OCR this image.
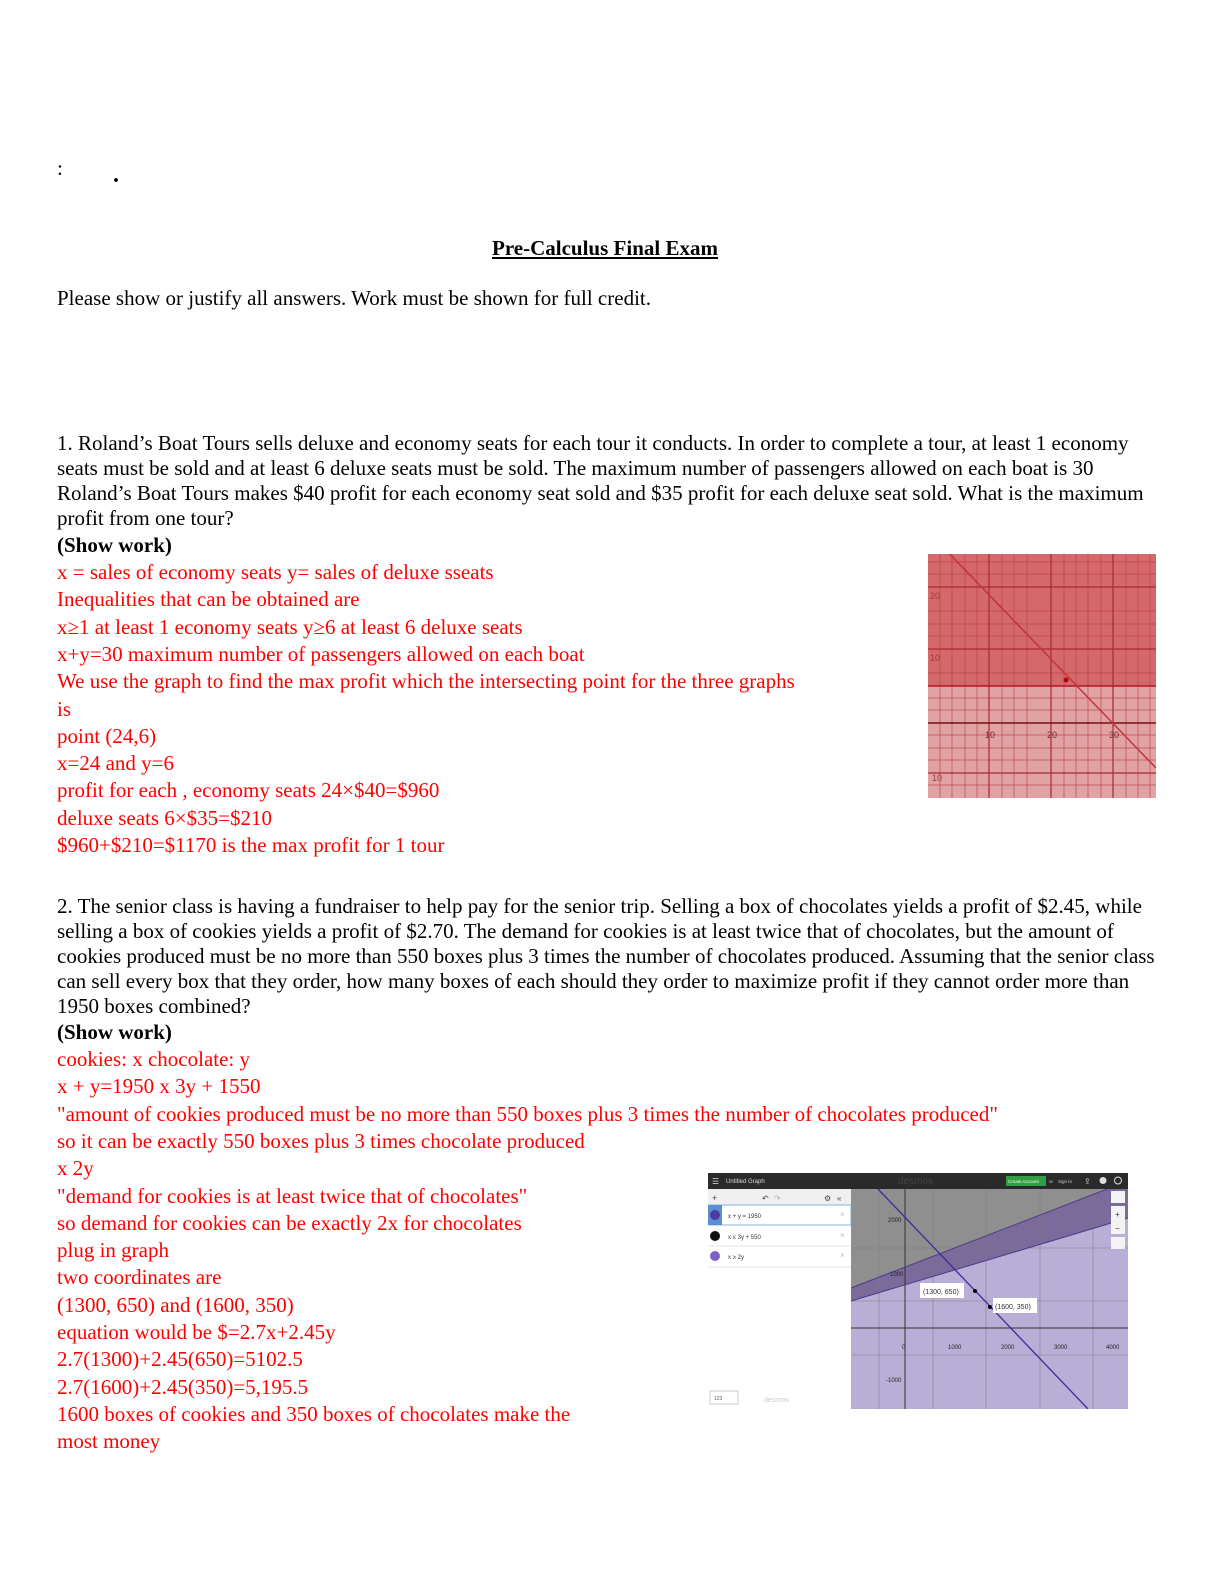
: .
Pre-Calculus Final Exam
Please show or justify all answers. Work must be shown for full credit.
1. Roland’s Boat Tours sells deluxe and economy seats for each tour it conducts. In order to complete a tour, at least 1 economy seats must be sold and at least 6 deluxe seats must be sold. The maximum number of passengers allowed on each boat is 30 Roland’s Boat Tours makes $40 profit for each economy seat sold and $35 profit for each deluxe seat sold. What is the maximum profit from one tour?
(Show work)
x = sales of economy seats y= sales of deluxe sseats
Inequalities that can be obtained are
x≥1 at least 1 economy seats y≥6 at least 6 deluxe seats
x+y=30 maximum number of passengers allowed on each boat
We use the graph to find the max profit which the intersecting point for the three graphs
is
point (24,6)
x=24 and y=6
profit for each , economy seats 24×$40=$960
deluxe seats 6×$35=$210
$960+$210=$1170 is the max profit for 1 tour
10	20	30
20
10
10
2. The senior class is having a fundraiser to help pay for the senior trip. Selling a box of chocolates yields a profit of $2.45, while selling a box of cookies yields a profit of $2.70. The demand for cookies is at least twice that of chocolates, but the amount of cookies produced must be no more than 550 boxes plus 3 times the number of chocolates produced. Assuming that the senior class can sell every box that they order, how many boxes of each should they order to maximize profit if they cannot order more than 1950 boxes combined?
(Show work)
cookies: x chocolate: y
x + y=1950 x 3y + 1550
"amount of cookies produced must be no more than 550 boxes plus 3 times the number of chocolates produced"
so it can be exactly 550 boxes plus 3 times chocolate produced
x 2y
"demand for cookies is at least twice that of chocolates"
so demand for cookies can be exactly 2x for chocolates
plug in graph
two coordinates are
(1300, 650) and (1600, 350)
equation would be $=2.7x+2.45y
2.7(1300)+2.45(650)=5102.5
2.7(1600)+2.45(350)=5,195.5
1600 boxes of cookies and 350 boxes of chocolates make the
most money
(1300, 650)
(1600, 350)
0	1000	2000	3000	4000
2000
1000
-1000
+
−
☰ Untitled Graph	desmos	Create Account or Sign In ⇪
+	↶ ↷	⚙ «
x + y = 1950	×
x ≤ 3y + 550	×
x ≥ 2y	×
123	desmos
